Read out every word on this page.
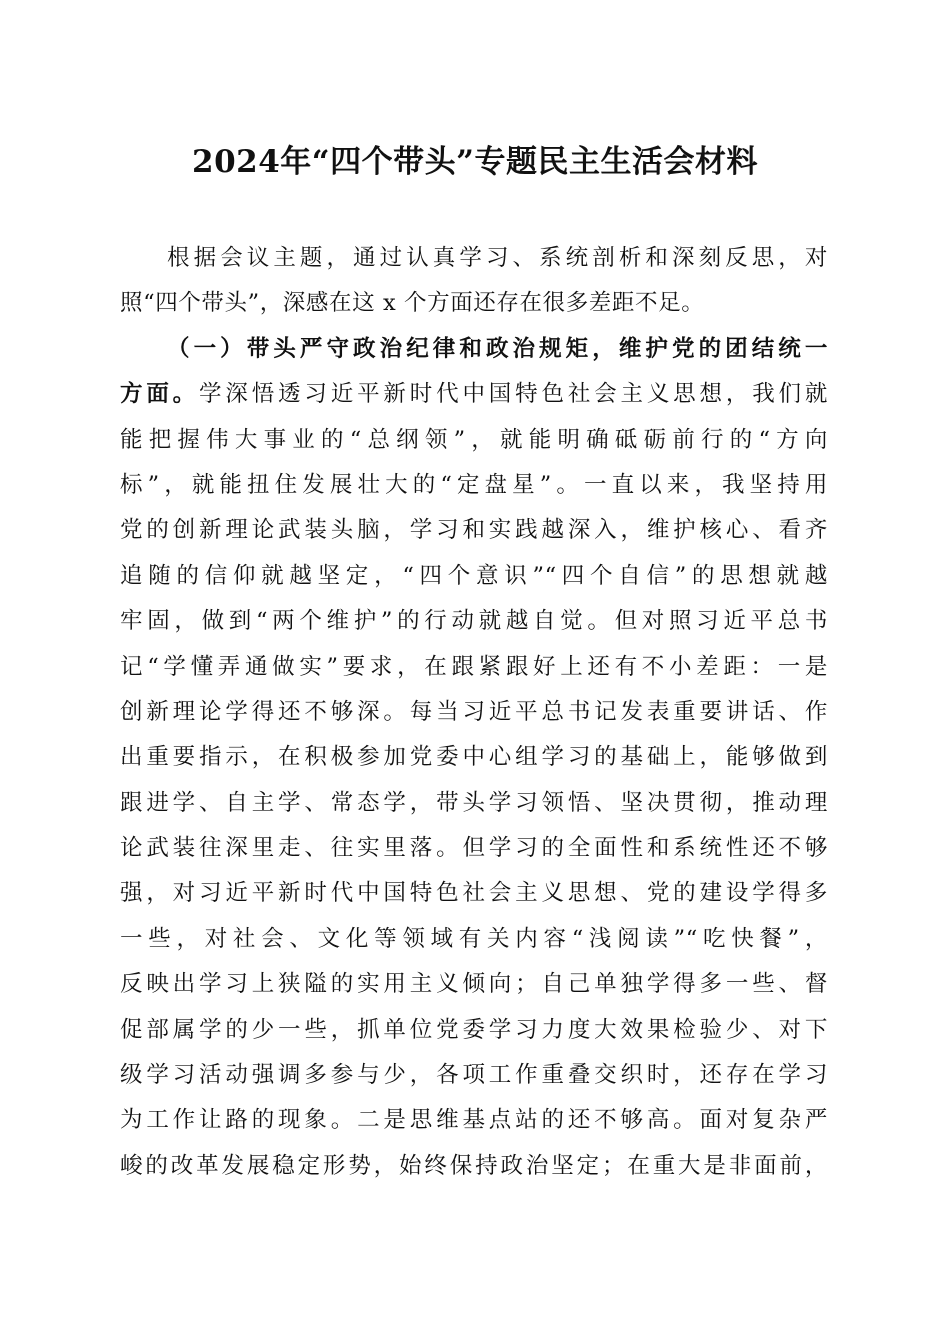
2024年“四个带头”专题民主生活会材料
根据会议主题，通过认真学习、系统剖析和深刻反思，对
照“四个带头”，深感在这 x 个方面还存在很多差距不足。
（一）带头严守政治纪律和政治规矩，维护党的团结统一
方面。学深悟透习近平新时代中国特色社会主义思想，我们就
能把握伟大事业的“总纲领”，就能明确砥砺前行的“方向
标”，就能扭住发展壮大的“定盘星”。一直以来，我坚持用
党的创新理论武装头脑，学习和实践越深入，维护核心、看齐
追随的信仰就越坚定，“四个意识”“四个自信”的思想就越
牢固，做到“两个维护”的行动就越自觉。但对照习近平总书
记“学懂弄通做实”要求，在跟紧跟好上还有不小差距：一是
创新理论学得还不够深。每当习近平总书记发表重要讲话、作
出重要指示，在积极参加党委中心组学习的基础上，能够做到
跟进学、自主学、常态学，带头学习领悟、坚决贯彻，推动理
论武装往深里走、往实里落。但学习的全面性和系统性还不够
强，对习近平新时代中国特色社会主义思想、党的建设学得多
一些，对社会、文化等领域有关内容“浅阅读”“吃快餐”，
反映出学习上狭隘的实用主义倾向；自己单独学得多一些、督
促部属学的少一些，抓单位党委学习力度大效果检验少、对下
级学习活动强调多参与少，各项工作重叠交织时，还存在学习
为工作让路的现象。二是思维基点站的还不够高。面对复杂严
峻的改革发展稳定形势，始终保持政治坚定；在重大是非面前，
